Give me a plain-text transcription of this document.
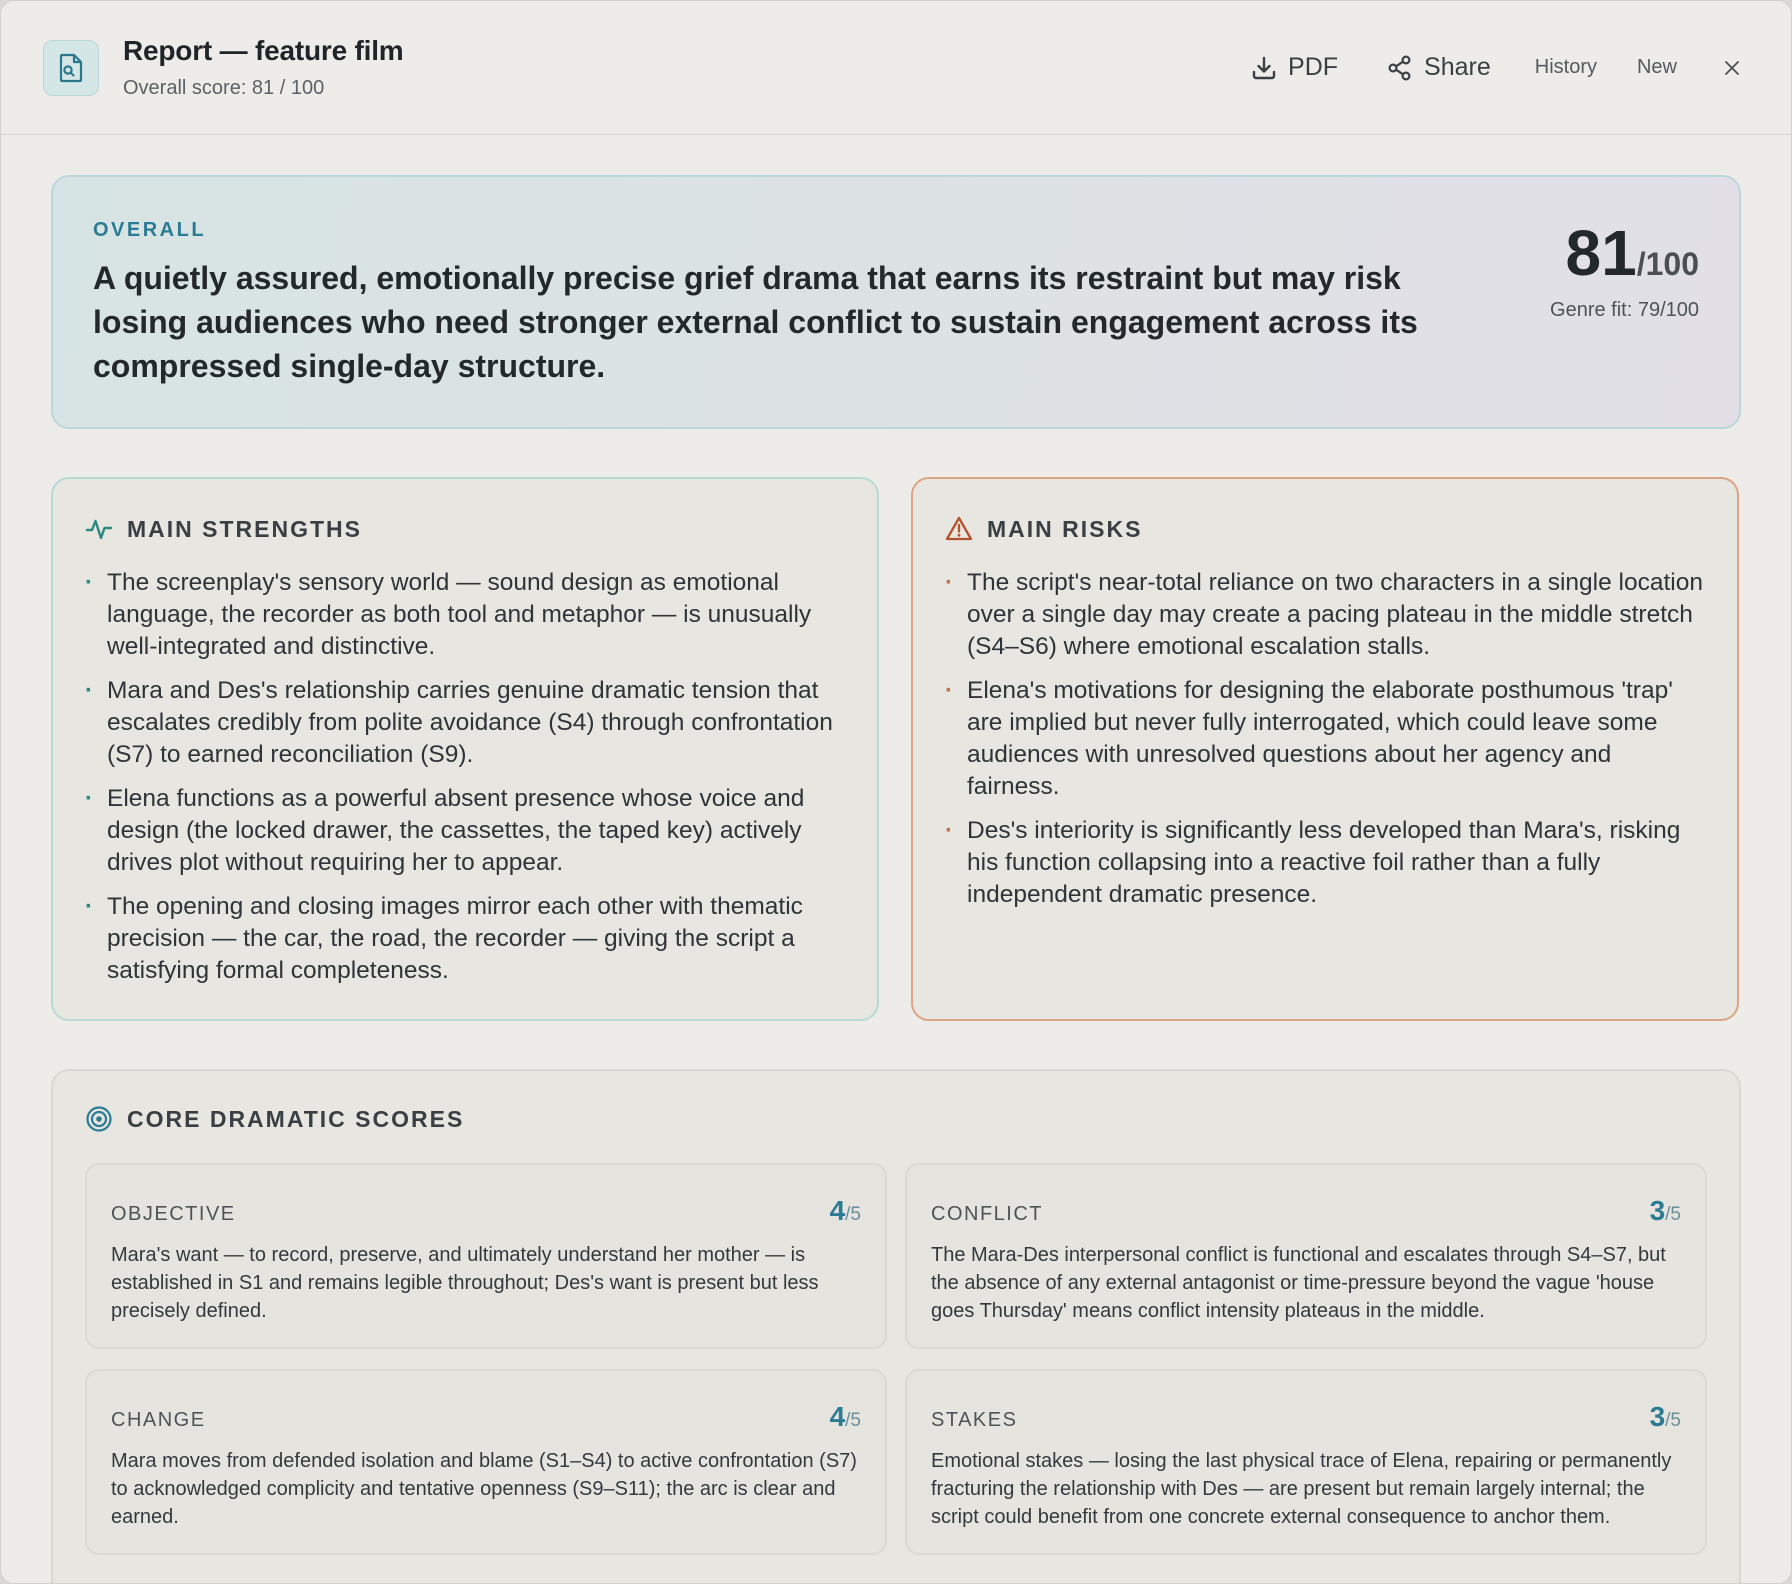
Report — feature film
Overall score: 81 / 100
PDF	Share History New
OVERALL
A quietly assured, emotionally precise grief drama that earns its restraint but may risk losing audiences who need stronger external conflict to sustain engagement across its compressed single-day structure.
81/100
Genre fit: 79/100
MAIN STRENGTHS
· The screenplay's sensory world — sound design as emotional language, the recorder as both tool and metaphor — is unusually well-integrated and distinctive.
· Mara and Des's relationship carries genuine dramatic tension that escalates credibly from polite avoidance (S4) through confrontation (S7) to earned reconciliation (S9).
· Elena functions as a powerful absent presence whose voice and design (the locked drawer, the cassettes, the taped key) actively drives plot without requiring her to appear.
· The opening and closing images mirror each other with thematic precision — the car, the road, the recorder — giving the script a satisfying formal completeness.
MAIN RISKS
· The script's near-total reliance on two characters in a single location over a single day may create a pacing plateau in the middle stretch (S4–S6) where emotional escalation stalls.
· Elena's motivations for designing the elaborate posthumous 'trap' are implied but never fully interrogated, which could leave some audiences with unresolved questions about her agency and fairness.
· Des's interiority is significantly less developed than Mara's, risking his function collapsing into a reactive foil rather than a fully independent dramatic presence.
CORE DRAMATIC SCORES
OBJECTIVE	4/5
Mara's want — to record, preserve, and ultimately understand her mother — is established in S1 and remains legible throughout; Des's want is present but less precisely defined.
CONFLICT	3/5
The Mara-Des interpersonal conflict is functional and escalates through S4–S7, but the absence of any external antagonist or time-pressure beyond the vague 'house goes Thursday' means conflict intensity plateaus in the middle.
CHANGE	4/5
Mara moves from defended isolation and blame (S1–S4) to active confrontation (S7) to acknowledged complicity and tentative openness (S9–S11); the arc is clear and earned.
STAKES	3/5
Emotional stakes — losing the last physical trace of Elena, repairing or permanently fracturing the relationship with Des — are present but remain largely internal; the script could benefit from one concrete external consequence to anchor them.
